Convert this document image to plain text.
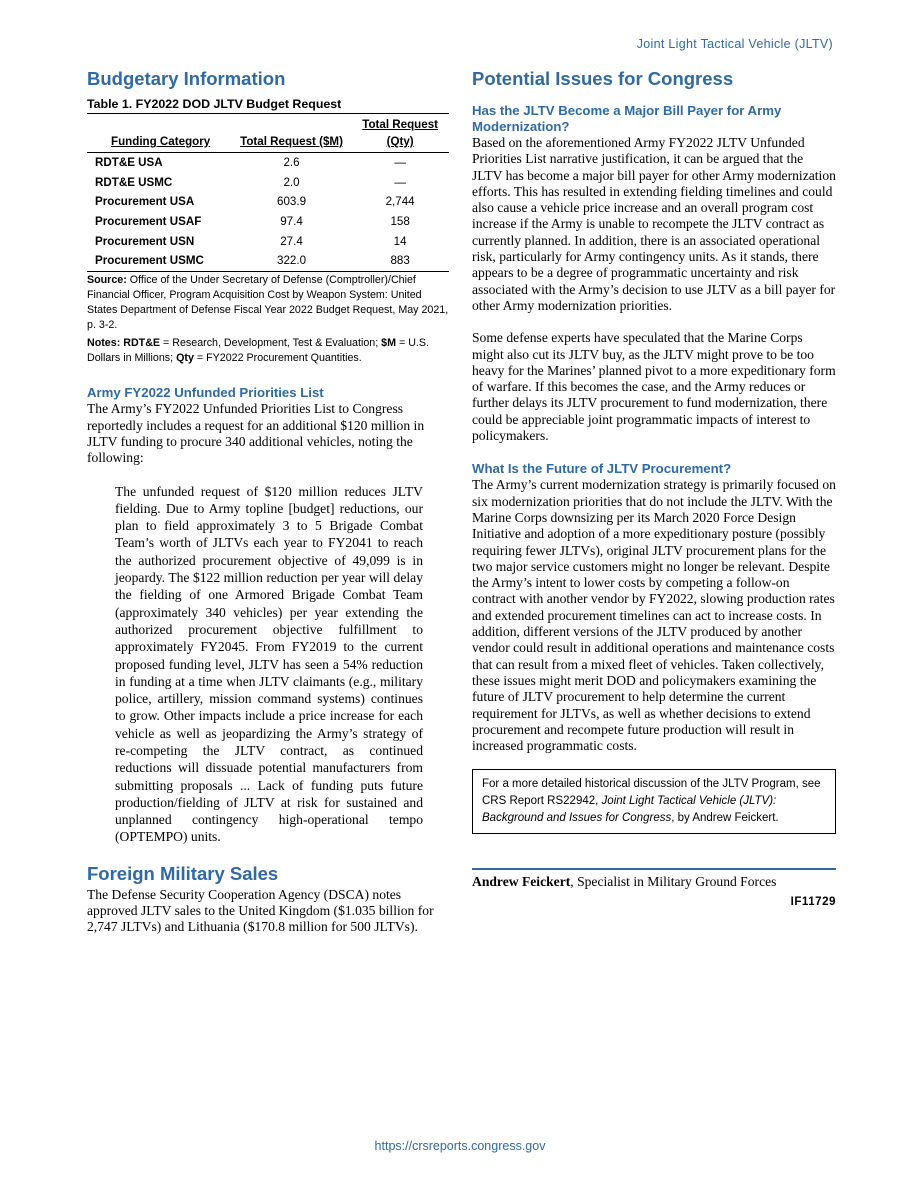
Joint Light Tactical Vehicle (JLTV)
Budgetary Information
Table 1. FY2022 DOD JLTV Budget Request
Funding Category	Total Request ($M)	Total Request (Qty)
RDT&E USA	2.6	—
RDT&E USMC	2.0	—
Procurement USA	603.9	2,744
Procurement USAF	97.4	158
Procurement USN	27.4	14
Procurement USMC	322.0	883

Source: Office of the Under Secretary of Defense (Comptroller)/Chief Financial Officer, Program Acquisition Cost by Weapon System: United States Department of Defense Fiscal Year 2022 Budget Request, May 2021, p. 3-2.

Notes: RDT&E = Research, Development, Test & Evaluation; $M = U.S. Dollars in Millions; Qty = FY2022 Procurement Quantities.

Army FY2022 Unfunded Priorities List

The Army’s FY2022 Unfunded Priorities List to Congress reportedly includes a request for an additional $120 million in JLTV funding to procure 340 additional vehicles, noting the following:

The unfunded request of $120 million reduces JLTV fielding. Due to Army topline [budget] reductions, our plan to field approximately 3 to 5 Brigade Combat Team’s worth of JLTVs each year to FY2041 to reach the authorized procurement objective of 49,099 is in jeopardy. The $122 million reduction per year will delay the fielding of one Armored Brigade Combat Team (approximately 340 vehicles) per year extending the authorized procurement objective fulfillment to approximately FY2045. From FY2019 to the current proposed funding level, JLTV has seen a 54% reduction in funding at a time when JLTV claimants (e.g., military police, artillery, mission command systems) continues to grow. Other impacts include a price increase for each vehicle as well as jeopardizing the Army’s strategy of re-competing the JLTV contract, as continued reductions will dissuade potential manufacturers from submitting proposals ... Lack of funding puts future production/fielding of JLTV at risk for sustained and unplanned contingency high-operational tempo (OPTEMPO) units.

Foreign Military Sales

The Defense Security Cooperation Agency (DSCA) notes approved JLTV sales to the United Kingdom ($1.035 billion for 2,747 JLTVs) and Lithuania ($170.8 million for 500 JLTVs).

Potential Issues for Congress
Has the JLTV Become a Major Bill Payer for Army Modernization?

Based on the aforementioned Army FY2022 JLTV Unfunded Priorities List narrative justification, it can be argued that the JLTV has become a major bill payer for other Army modernization efforts. This has resulted in extending fielding timelines and could also cause a vehicle price increase and an overall program cost increase if the Army is unable to recompete the JLTV contract as currently planned. In addition, there is an associated operational risk, particularly for Army contingency units. As it stands, there appears to be a degree of programmatic uncertainty and risk associated with the Army’s decision to use JLTV as a bill payer for other Army modernization priorities.

Some defense experts have speculated that the Marine Corps might also cut its JLTV buy, as the JLTV might prove to be too heavy for the Marines’ planned pivot to a more expeditionary form of warfare. If this becomes the case, and the Army reduces or further delays its JLTV procurement to fund modernization, there could be appreciable joint programmatic impacts of interest to policymakers.

What Is the Future of JLTV Procurement?

The Army’s current modernization strategy is primarily focused on six modernization priorities that do not include the JLTV. With the Marine Corps downsizing per its March 2020 Force Design Initiative and adoption of a more expeditionary posture (possibly requiring fewer JLTVs), original JLTV procurement plans for the two major service customers might no longer be relevant. Despite the Army’s intent to lower costs by competing a follow-on contract with another vendor by FY2022, slowing production rates and extended procurement timelines can act to increase costs. In addition, different versions of the JLTV produced by another vendor could result in additional operations and maintenance costs that can result from a mixed fleet of vehicles. Taken collectively, these issues might merit DOD and policymakers examining the future of JLTV procurement to help determine the current requirement for JLTVs, as well as whether decisions to extend procurement and recompete future production will result in increased programmatic costs.

For a more detailed historical discussion of the JLTV Program, see CRS Report RS22942, Joint Light Tactical Vehicle (JLTV): Background and Issues for Congress, by Andrew Feickert.
Andrew Feickert, Specialist in Military Ground Forces
IF11729
https://crsreports.congress.gov
